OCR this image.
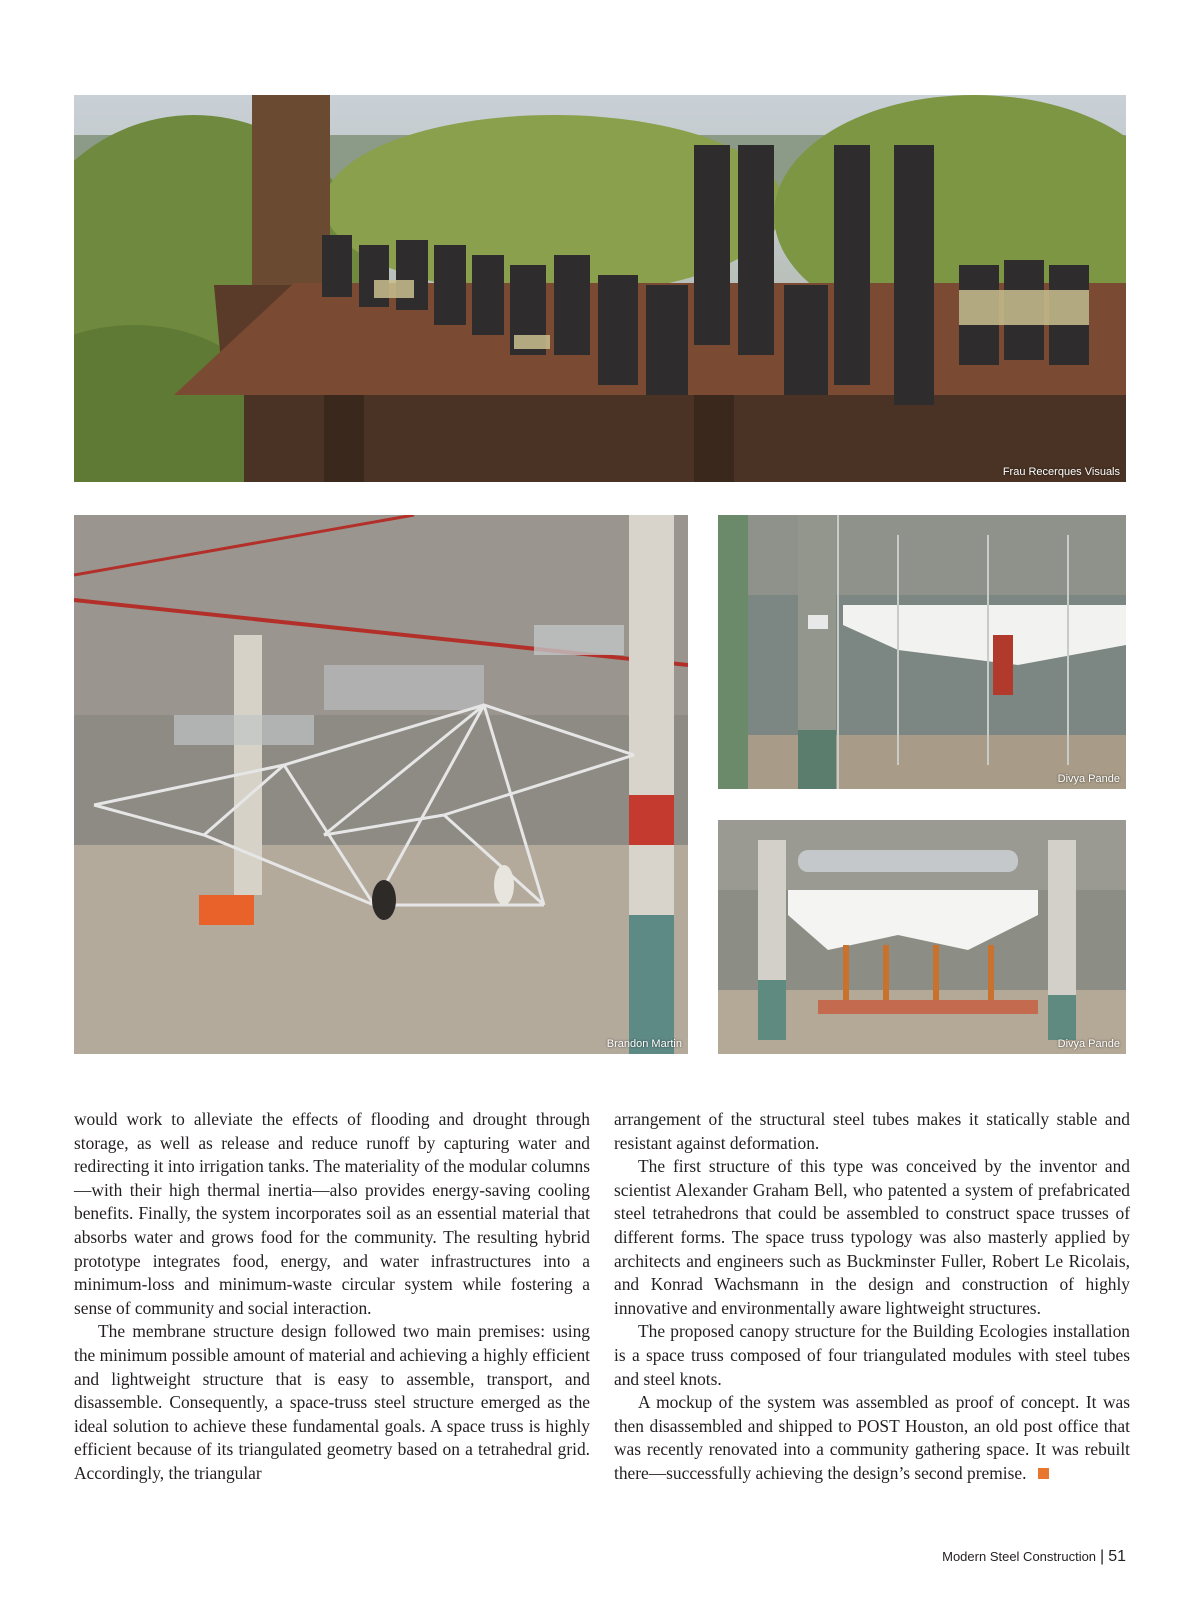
Frau Recerques Visuals
Brandon Martin
Divya Pande
Divya Pande

would work to alleviate the effects of flooding and drought through storage, as well as release and reduce runoff by capturing water and redirecting it into irrigation tanks. The materiality of the modular columns—with their high thermal inertia—also provides energy-saving cooling benefits. Finally, the system incorporates soil as an essential material that absorbs water and grows food for the community. The resulting hybrid prototype integrates food, energy, and water infrastructures into a minimum-loss and minimum-waste circular system while fostering a sense of community and social interaction.

The membrane structure design followed two main premises: using the minimum possible amount of material and achieving a highly efficient and lightweight structure that is easy to assemble, transport, and disassemble. Consequently, a space-truss steel structure emerged as the ideal solution to achieve these fundamental goals. A space truss is highly efficient because of its triangulated geometry based on a tetrahedral grid. Accordingly, the triangular

arrangement of the structural steel tubes makes it statically stable and resistant against deformation.

The first structure of this type was conceived by the inventor and scientist Alexander Graham Bell, who patented a system of prefabricated steel tetrahedrons that could be assembled to construct space trusses of different forms. The space truss typology was also masterly applied by architects and engineers such as Buckminster Fuller, Robert Le Ricolais, and Konrad Wachsmann in the design and construction of highly innovative and environmentally aware lightweight structures.

The proposed canopy structure for the Building Ecologies installation is a space truss composed of four triangulated modules with steel tubes and steel knots.

A mockup of the system was assembled as proof of concept. It was then disassembled and shipped to POST Houston, an old post office that was recently renovated into a community gathering space. It was rebuilt there—successfully achieving the design’s second premise.

Modern Steel Construction | 51
